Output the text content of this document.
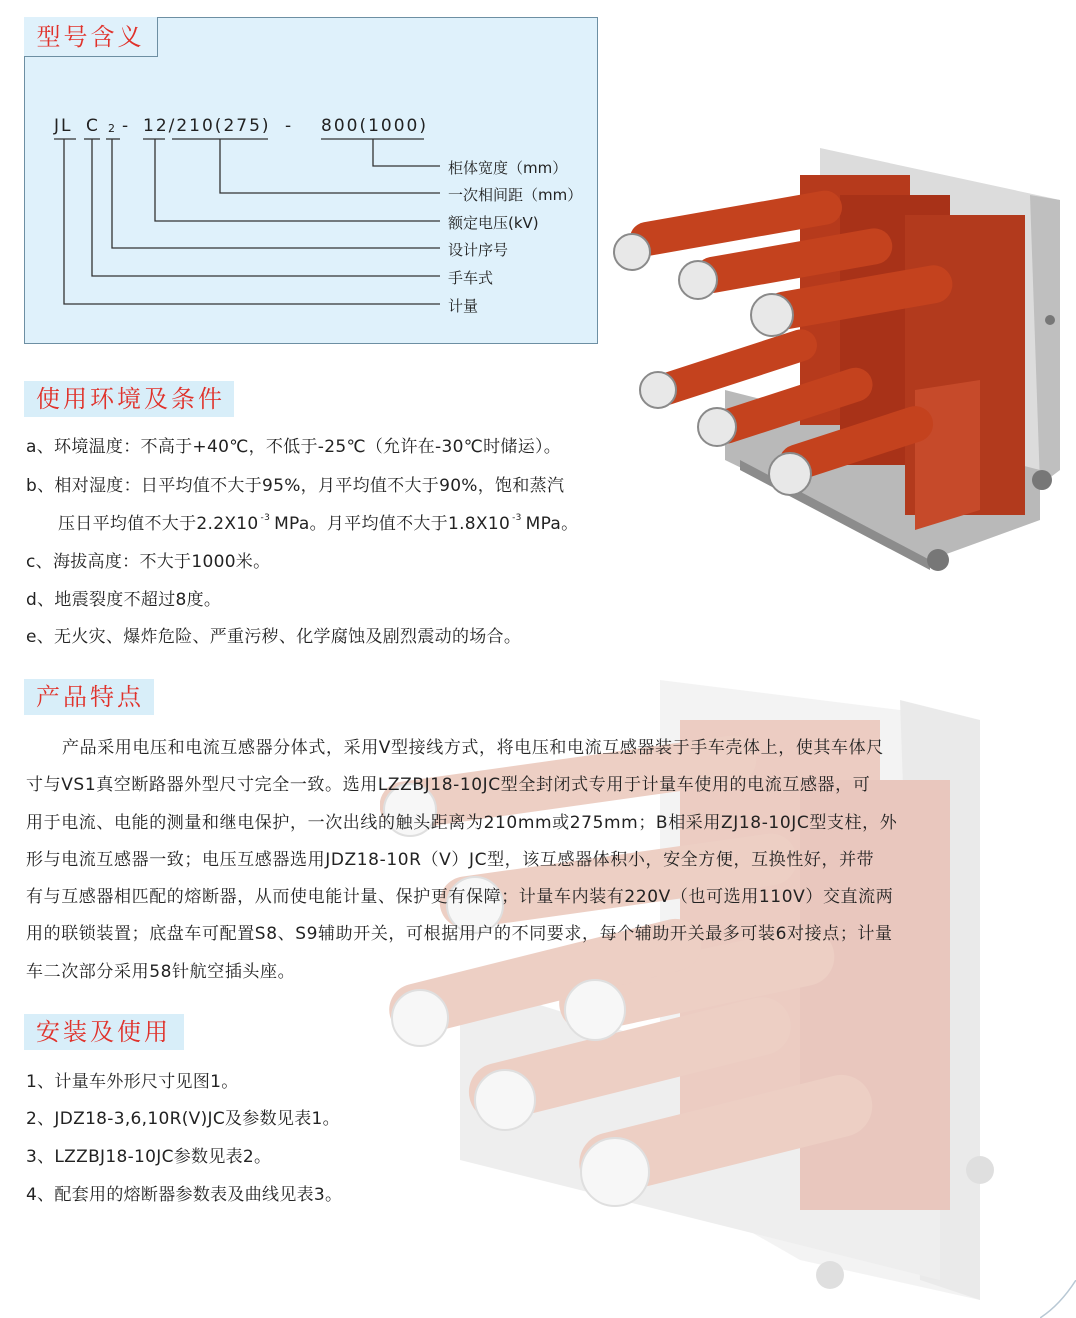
型号含义
JL C 2 - 12/210(275) - 800(1000)
柜体宽度（mm）
一次相间距（mm）
额定电压(kV)
设计序号
手车式
计量
使用环境及条件
a、环境温度：不高于+40℃，不低于-25℃（允许在-30℃时储运）。
b、相对湿度：日平均值不大于95%，月平均值不大于90%，饱和蒸汽
压日平均值不大于2.2X10 $^{-3}$ MPa。月平均值不大于1.8X10 $^{-3}$ MPa。
c、海拔高度：不大于1000米。
d、地震裂度不超过8度。
e、无火灾、爆炸危险、严重污秽、化学腐蚀及剧烈震动的场合。
产品特点
产品采用电压和电流互感器分体式，采用V型接线方式，将电压和电流互感器装于手车壳体上，使其车体尺
寸与VS1真空断路器外型尺寸完全一致。选用LZZBJ18-10JC型全封闭式专用于计量车使用的电流互感器，可
用于电流、电能的测量和继电保护，一次出线的触头距离为210mm或275mm；B相采用ZJ18-10JC型支柱，外
形与电流互感器一致；电压互感器选用JDZ18-10R（V）JC型，该互感器体积小，安全方便，互换性好，并带
有与互感器相匹配的熔断器，从而使电能计量、保护更有保障；计量车内装有220V（也可选用110V）交直流两
用的联锁装置；底盘车可配置S8、S9辅助开关，可根据用户的不同要求，每个辅助开关最多可装6对接点；计量
车二次部分采用58针航空插头座。
安装及使用
1、计量车外形尺寸见图1。
2、JDZ18-3,6,10R(V)JC及参数见表1。
3、LZZBJ18-10JC参数见表2。
4、配套用的熔断器参数表及曲线见表3。
